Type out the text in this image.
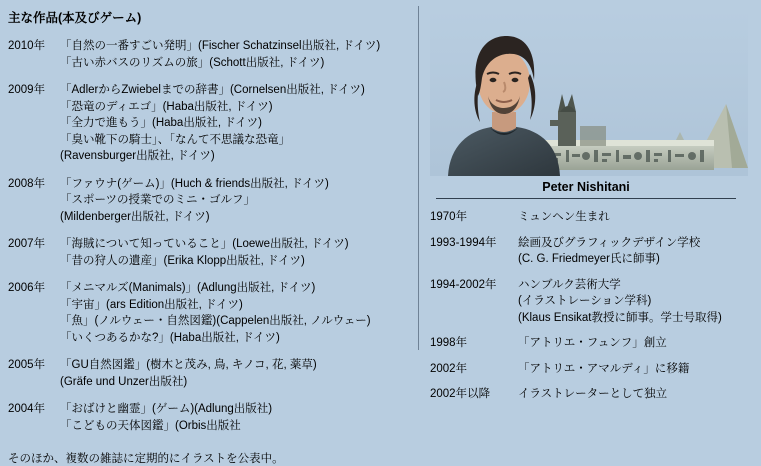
主な作品(本及びゲーム)
2010年	「自然の一番すごい発明」(Fischer Schatzinsel出版社, ドイツ)
「古い赤バスのリズムの旅」(Schott出版社, ドイツ)
2009年	「AdlerからZwiebelまでの辞書」(Cornelsen出版社, ドイツ)
「恐竜のディエゴ」(Haba出版社, ドイツ)
「全力で進もう」(Haba出版社, ドイツ)
「臭い靴下の騎士」、「なんて不思議な恐竜」
(Ravensburger出版社, ドイツ)
2008年	「ファウナ(ゲーム)」(Huch & friends出版社, ドイツ)
「スポーツの授業でのミニ・ゴルフ」
(Mildenberger出版社, ドイツ)
2007年	「海賊について知っていること」(Loewe出版社, ドイツ)
「昔の狩人の遺産」(Erika Klopp出版社, ドイツ)
2006年	「メニマルズ(Manimals)」(Adlung出版社, ドイツ)
「宇宙」(ars Edition出版社, ドイツ)
「魚」(ノルウェー・自然図鑑)(Cappelen出版社, ノルウェー)
「いくつあるかな?」(Haba出版社, ドイツ)
2005年	「GU自然図鑑」(樹木と茂み, 鳥, キノコ, 花, 薬草)
(Gräfe und Unzer出版社)
2004年	「おばけと幽霊」(ゲーム)(Adlung出版社)
「こどもの天体図鑑」(Orbis出版社
そのほか、複数の雑誌に定期的にイラストを公表中。
Peter Nishitani
1970年	ミュンヘン生まれ
1993-1994年	絵画及びグラフィックデザイン学校
(C. G. Friedmeyer氏に師事)
1994-2002年	ハンブルク芸術大学
(イラストレーション学科)
(Klaus Ensikat教授に師事。学士号取得)
1998年	「アトリエ・フュンフ」創立
2002年	「アトリエ・アマルディ」に移籍
2002年以降	イラストレーターとして独立
